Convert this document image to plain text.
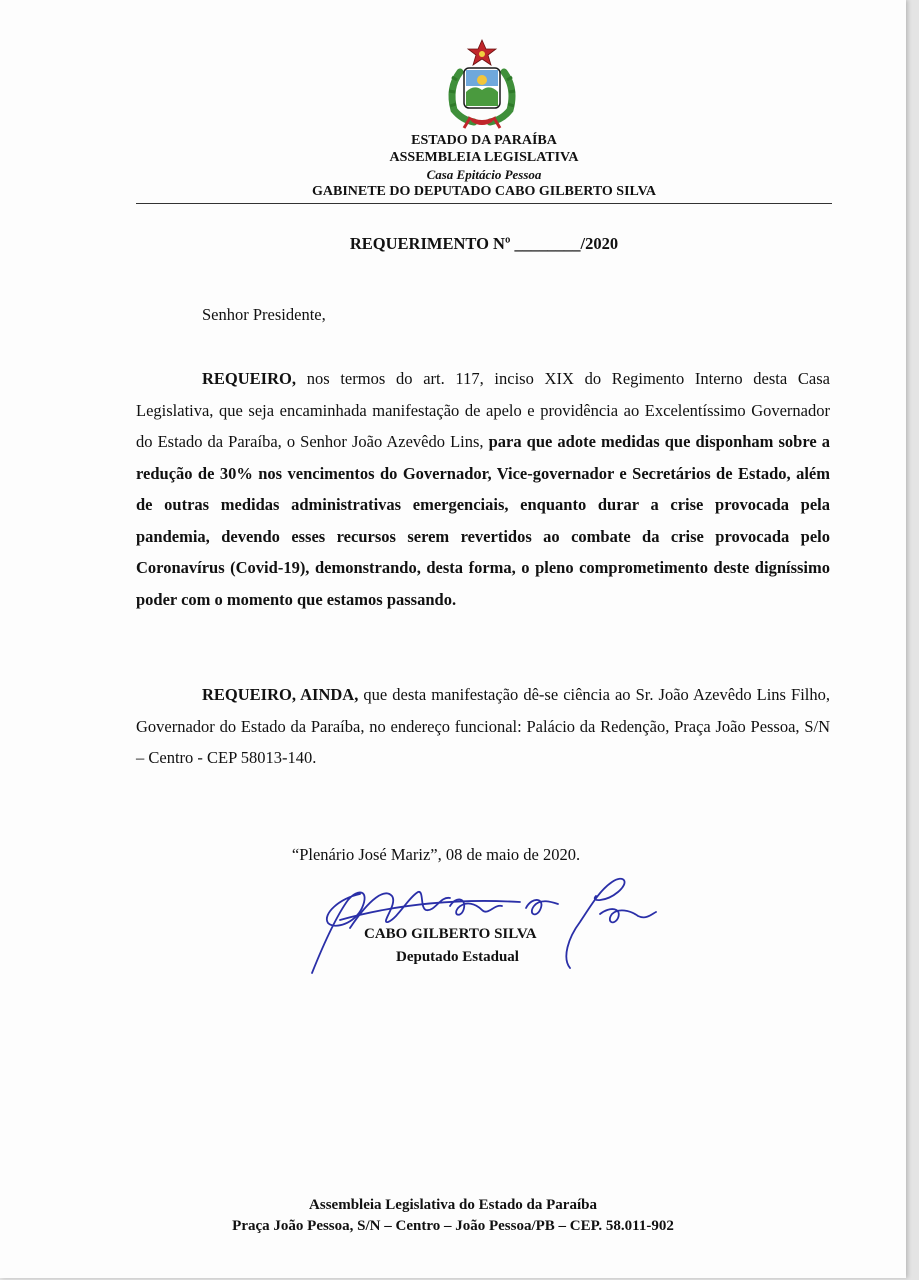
ESTADO DA PARAÍBA
ASSEMBLEIA LEGISLATIVA
Casa Epitácio Pessoa
GABINETE DO DEPUTADO CABO GILBERTO SILVA
REQUERIMENTO Nº ________/2020
Senhor Presidente,

REQUEIRO, nos termos do art. 117, inciso XIX do Regimento Interno desta Casa Legislativa, que seja encaminhada manifestação de apelo e providência ao Excelentíssimo Governador do Estado da Paraíba, o Senhor João Azevêdo Lins, para que adote medidas que disponham sobre a redução de 30% nos vencimentos do Governador, Vice-governador e Secretários de Estado, além de outras medidas administrativas emergenciais, enquanto durar a crise provocada pela pandemia, devendo esses recursos serem revertidos ao combate da crise provocada pelo Coronavírus (Covid-19), demonstrando, desta forma, o pleno comprometimento deste digníssimo poder com o momento que estamos passando.

REQUEIRO, AINDA, que desta manifestação dê-se ciência ao Sr. João Azevêdo Lins Filho, Governador do Estado da Paraíba, no endereço funcional: Palácio da Redenção, Praça João Pessoa, S/N – Centro - CEP 58013-140.

“Plenário José Mariz”, 08 de maio de 2020.
CABO GILBERTO SILVA
Deputado Estadual
Assembleia Legislativa do Estado da Paraíba
Praça João Pessoa, S/N – Centro – João Pessoa/PB – CEP. 58.011-902
